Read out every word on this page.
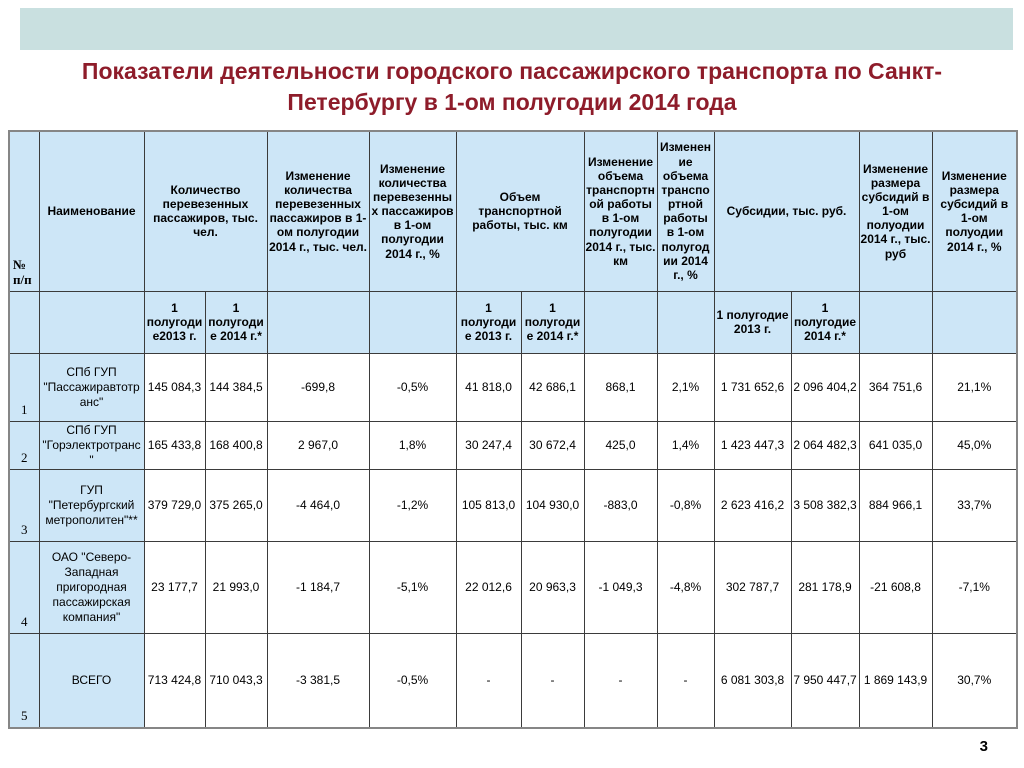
Показатели деятельности городского пассажирского транспорта по Санкт-
Петербургу в 1-ом полугодии 2014 года
№ п/п	Наименование	Количество перевезенных пассажиров, тыс. чел.		Изменение количества перевезенных пассажиров в 1-ом полугодии 2014 г., тыс. чел.	Изменение количества перевезенных пассажиров в 1-ом полугодии 2014 г., %	Объем транспортной работы, тыс. км		Изменение объема транспортной работы в 1-ом полугодии 2014 г., тыс. км	Изменение объема транспортной работы в 1-ом полугодии 2014 г., %	Субсидии, тыс. руб.		Изменение размера субсидий в 1-ом полуодии 2014 г., тыс. руб	Изменение размера субсидий в 1-ом полуодии 2014 г., %
		1 полугодие2013 г.	1 полугодие 2014 г.*			1 полугодие 2013 г.	1 полугодие 2014 г.*			1 полугодие 2013 г.	1 полугодие 2014 г.*		
1	СПб ГУП "Пассажиравтотранс"	145 084,3	144 384,5	-699,8	-0,5%	41 818,0	42 686,1	868,1	2,1%	1 731 652,6	2 096 404,2	364 751,6	21,1%
2	СПб ГУП "Горэлектротранс"	165 433,8	168 400,8	2 967,0	1,8%	30 247,4	30 672,4	425,0	1,4%	1 423 447,3	2 064 482,3	641 035,0	45,0%
3	ГУП "Петербургский метрополитен"**	379 729,0	375 265,0	-4 464,0	-1,2%	105 813,0	104 930,0	-883,0	-0,8%	2 623 416,2	3 508 382,3	884 966,1	33,7%
4	ОАО "Северо-Западная пригородная пассажирская компания"	23 177,7	21 993,0	-1 184,7	-5,1%	22 012,6	20 963,3	-1 049,3	-4,8%	302 787,7	281 178,9	-21 608,8	-7,1%
5	ВСЕГО	713 424,8	710 043,3	-3 381,5	-0,5%	-	-	-	-	6 081 303,8	7 950 447,7	1 869 143,9	30,7%
3
